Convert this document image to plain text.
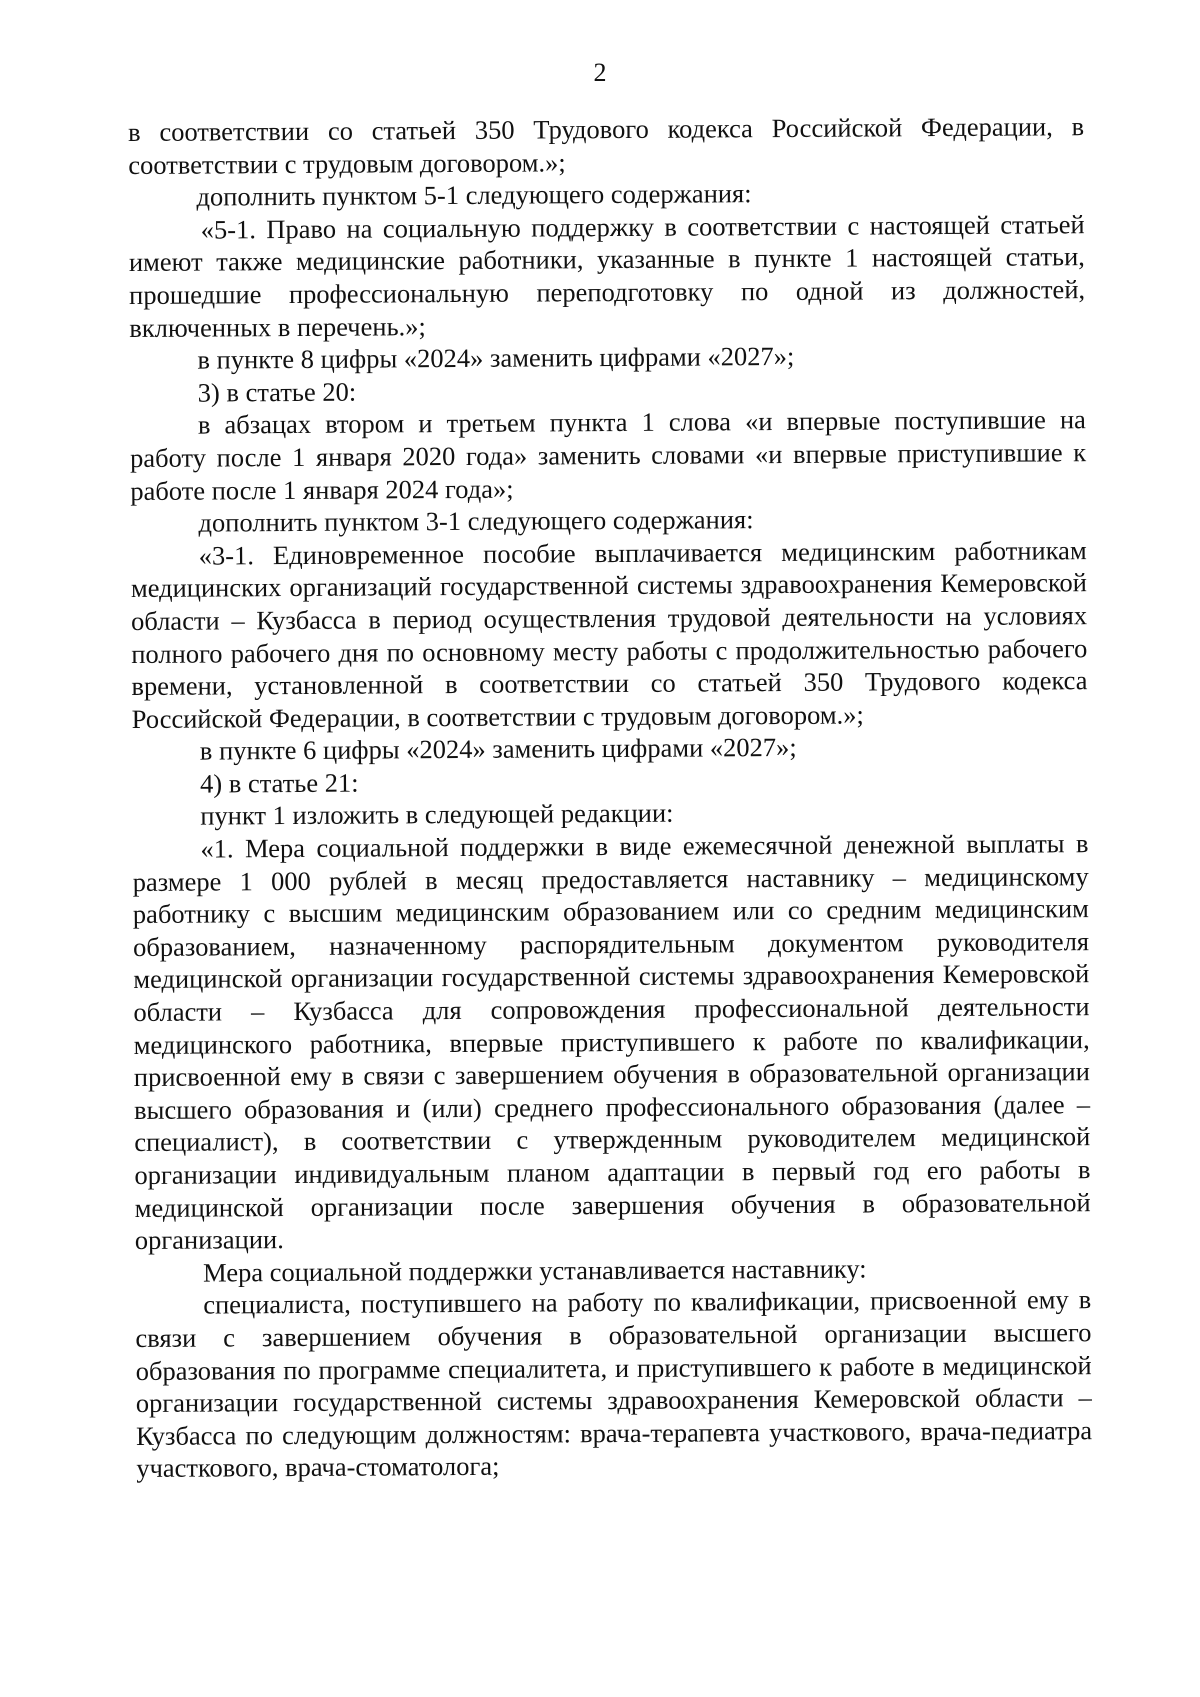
2

в соответствии со статьей 350 Трудового кодекса Российской Федерации, в соответствии с трудовым договором.»;

дополнить пунктом 5-1 следующего содержания:

«5-1. Право на социальную поддержку в соответствии с настоящей статьей имеют также медицинские работники, указанные в пункте 1 настоящей статьи, прошедшие профессиональную переподготовку по одной из должностей, включенных в перечень.»;

в пункте 8 цифры «2024» заменить цифрами «2027»;

3) в статье 20:

в абзацах втором и третьем пункта 1 слова «и впервые поступившие на работу после 1 января 2020 года» заменить словами «и впервые приступившие к работе после 1 января 2024 года»;

дополнить пунктом 3-1 следующего содержания:

«3-1. Единовременное пособие выплачивается медицинским работникам медицинских организаций государственной системы здравоохранения Кемеровской области – Кузбасса в период осуществления трудовой деятельности на условиях полного рабочего дня по основному месту работы с продолжительностью рабочего времени, установленной в соответствии со статьей 350 Трудового кодекса Российской Федерации, в соответствии с трудовым договором.»;

в пункте 6 цифры «2024» заменить цифрами «2027»;

4) в статье 21:

пункт 1 изложить в следующей редакции:

«1. Мера социальной поддержки в виде ежемесячной денежной выплаты в размере 1 000 рублей в месяц предоставляется наставнику – медицинскому работнику с высшим медицинским образованием или со средним медицинским образованием, назначенному распорядительным документом руководителя медицинской организации государственной системы здравоохранения Кемеровской области – Кузбасса для сопровождения профессиональной деятельности медицинского работника, впервые приступившего к работе по квалификации, присвоенной ему в связи с завершением обучения в образовательной организации высшего образования и (или) среднего профессионального образования (далее – специалист), в соответствии с утвержденным руководителем медицинской организации индивидуальным планом адаптации в первый год его работы в медицинской организации после завершения обучения в образовательной организации.

Мера социальной поддержки устанавливается наставнику:

специалиста, поступившего на работу по квалификации, присвоенной ему в связи с завершением обучения в образовательной организации высшего образования по программе специалитета, и приступившего к работе в медицинской организации государственной системы здравоохранения Кемеровской области – Кузбасса по следующим должностям: врача-терапевта участкового, врача-педиатра участкового, врача-стоматолога;
